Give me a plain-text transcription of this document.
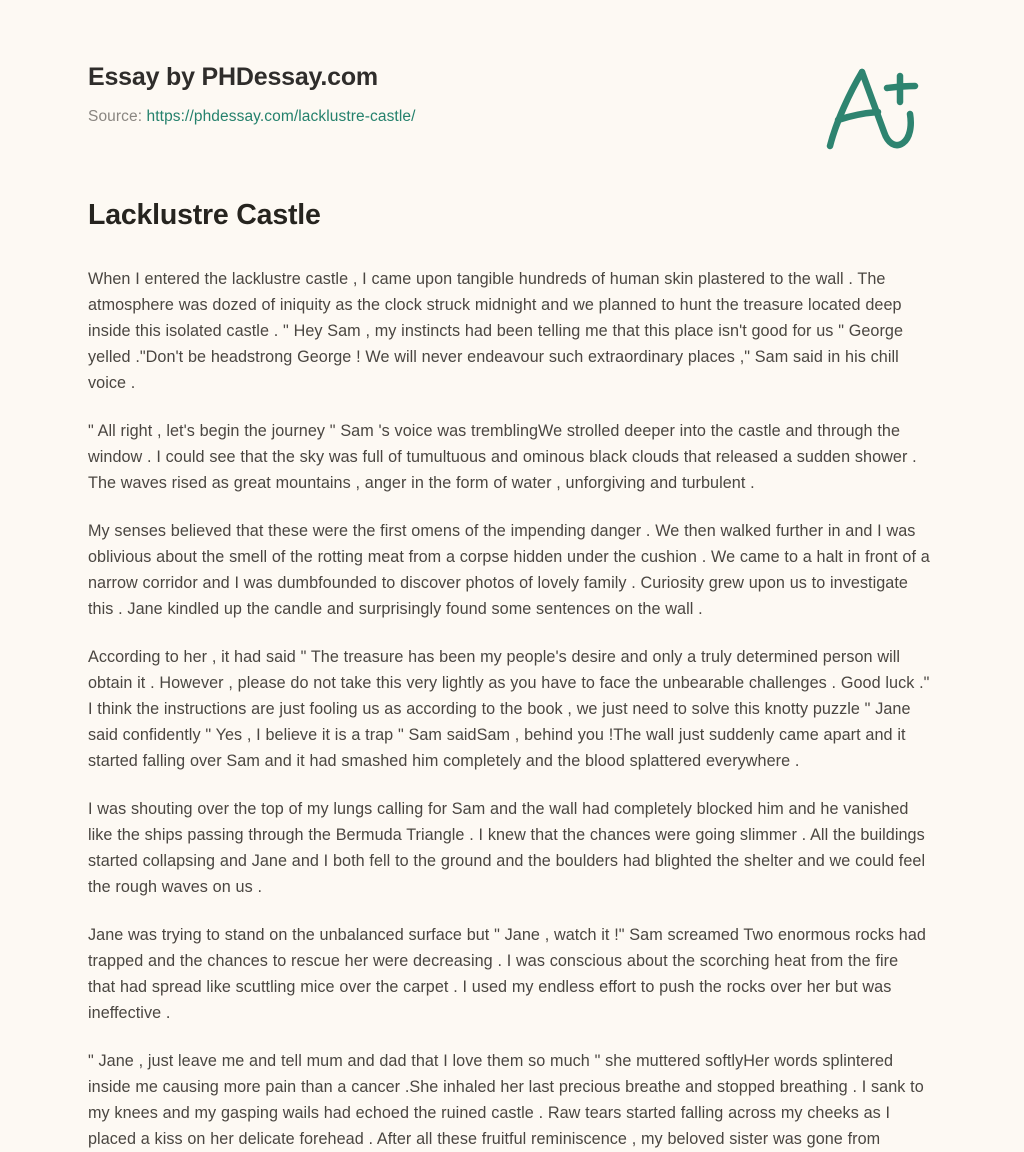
Essay by PHDessay.com
Source: https://phdessay.com/lacklustre-castle/
Lacklustre Castle

When I entered the lacklustre castle , I came upon tangible hundreds of human skin plastered to the wall . The atmosphere was dozed of iniquity as the clock struck midnight and we planned to hunt the treasure located deep inside this isolated castle . " Hey Sam , my instincts had been telling me that this place isn't good for us " George yelled ."Don't be headstrong George ! We will never endeavour such extraordinary places ," Sam said in his chill voice .

" All right , let's begin the journey " Sam 's voice was tremblingWe strolled deeper into the castle and through the window . I could see that the sky was full of tumultuous and ominous black clouds that released a sudden shower . The waves rised as great mountains , anger in the form of water , unforgiving and turbulent .

My senses believed that these were the first omens of the impending danger . We then walked further in and I was oblivious about the smell of the rotting meat from a corpse hidden under the cushion . We came to a halt in front of a narrow corridor and I was dumbfounded to discover photos of lovely family . Curiosity grew upon us to investigate this . Jane kindled up the candle and surprisingly found some sentences on the wall .

According to her , it had said " The treasure has been my people's desire and only a truly determined person will obtain it . However , please do not take this very lightly as you have to face the unbearable challenges . Good luck ." I think the instructions are just fooling us as according to the book , we just need to solve this knotty puzzle " Jane said confidently " Yes , I believe it is a trap " Sam saidSam , behind you !The wall just suddenly came apart and it started falling over Sam and it had smashed him completely and the blood splattered everywhere .

I was shouting over the top of my lungs calling for Sam and the wall had completely blocked him and he vanished like the ships passing through the Bermuda Triangle . I knew that the chances were going slimmer . All the buildings started collapsing and Jane and I both fell to the ground and the boulders had blighted the shelter and we could feel the rough waves on us .

Jane was trying to stand on the unbalanced surface but " Jane , watch it !" Sam screamed Two enormous rocks had trapped and the chances to rescue her were decreasing . I was conscious about the scorching heat from the fire that had spread like scuttling mice over the carpet . I used my endless effort to push the rocks over her but was ineffective .

" Jane , just leave me and tell mum and dad that I love them so much " she muttered softlyHer words splintered inside me causing more pain than a cancer .She inhaled her last precious breathe and stopped breathing . I sank to my knees and my gasping wails had echoed the ruined castle . Raw tears started falling across my cheeks as I placed a kiss on her delicate forehead . After all these fruitful reminiscence , my beloved sister was gone from
